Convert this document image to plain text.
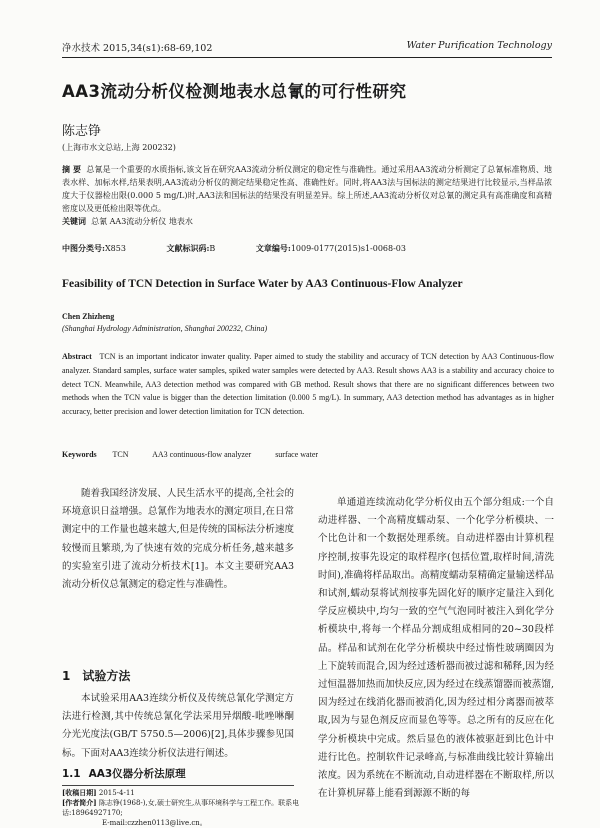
净水技术 2015,34(s1):68-69,102	Water Purification Technology
AA3流动分析仪检测地表水总氰的可行性研究
陈志铮
(上海市水文总站,上海 200232)
摘 要 总氰是一个重要的水质指标,该文旨在研究AA3流动分析仪测定的稳定性与准确性。通过采用AA3流动分析测定了总氰标准物质、地表水样、加标水样,结果表明,AA3流动分析仪的测定结果稳定性高、准确性好。同时,将AA3法与国标法的测定结果进行比较显示,当样品浓度大于仪器检出限(0.000 5 mg/L)时,AA3法和国标法的结果没有明显差异。综上所述,AA3流动分析仪对总氰的测定具有高准确度和高精密度以及更低检出限等优点。
关键词 总氰 AA3流动分析仪 地表水
中图分类号:X853	文献标识码:B	文章编号:1009-0177(2015)s1-0068-03
Feasibility of TCN Detection in Surface Water by AA3 Continuous-Flow Analyzer
Chen Zhizheng
(Shanghai Hydrology Administration, Shanghai 200232, China)
Abstract TCN is an important indicator inwater quality. Paper aimed to study the stability and accuracy of TCN detection by AA3 Continuous-flow analyzer. Standard samples, surface water samples, spiked water samples were detected by AA3. Result shows AA3 is a stability and accuracy choice to detect TCN. Meanwhile, AA3 detection method was compared with GB method. Result shows that there are no significant differences between two methods when the TCN value is bigger than the detection limitation (0.000 5 mg/L). In summary, AA3 detection method has advantages as in higher accuracy, better precision and lower detection limitation for TCN detection.
Keywords TCN	AA3 continuous-flow analyzer	surface water

随着我国经济发展、人民生活水平的提高,全社会的环境意识日益增强。总氰作为地表水的测定项目,在日常测定中的工作量也越来越大,但是传统的国标法分析速度较慢而且繁琐,为了快速有效的完成分析任务,越来越多的实验室引进了流动分析技术[1]。本文主要研究AA3流动分析仪总氰测定的稳定性与准确性。

1 试验方法

本试验采用AA3连续分析仪及传统总氰化学测定方法进行检测,其中传统总氰化学法采用异烟酸-吡唑啉酮分光光度法(GB/T 5750.5—2006)[2],具体步骤参见国标。下面对AA3连续分析仪法进行阐述。

1.1 AA3仪器分析法原理

单通道连续流动化学分析仪由五个部分组成:一个自动进样器、一个高精度蠕动泵、一个化学分析模块、一个比色计和一个数据处理系统。自动进样器由计算机程序控制,按事先设定的取样程序(包括位置,取样时间,清洗时间),准确将样品取出。高精度蠕动泵精确定量输送样品和试剂,蠕动泵将试剂按事先固化好的顺序定量注入到化学反应模块中,均匀一致的空气气泡同时被注入到化学分析模块中,将每一个样品分割成组成相同的20~30段样品。样品和试剂在化学分析模块中经过惰性玻璃圈因为上下旋转而混合,因为经过透析器而被过滤和稀释,因为经过恒温器加热而加快反应,因为经过在线蒸馏器而被蒸馏,因为经过在线消化器而被消化,因为经过相分离器而被萃取,因为与显色剂反应而显色等等。总之所有的反应在化学分析模块中完成。然后显色的液体被驱赶到比色计中进行比色。控制软件记录峰高,与标准曲线比较计算输出浓度。因为系统在不断流动,自动进样器在不断取样,所以在计算机屏幕上能看到源源不断的每

[收稿日期] 2015-4-11
[作者简介] 陈志铮(1968-),女,硕士研究生,从事环境科学与工程工作。联系电话:18964927170;
E-mail:czzhen0113@live.cn。
